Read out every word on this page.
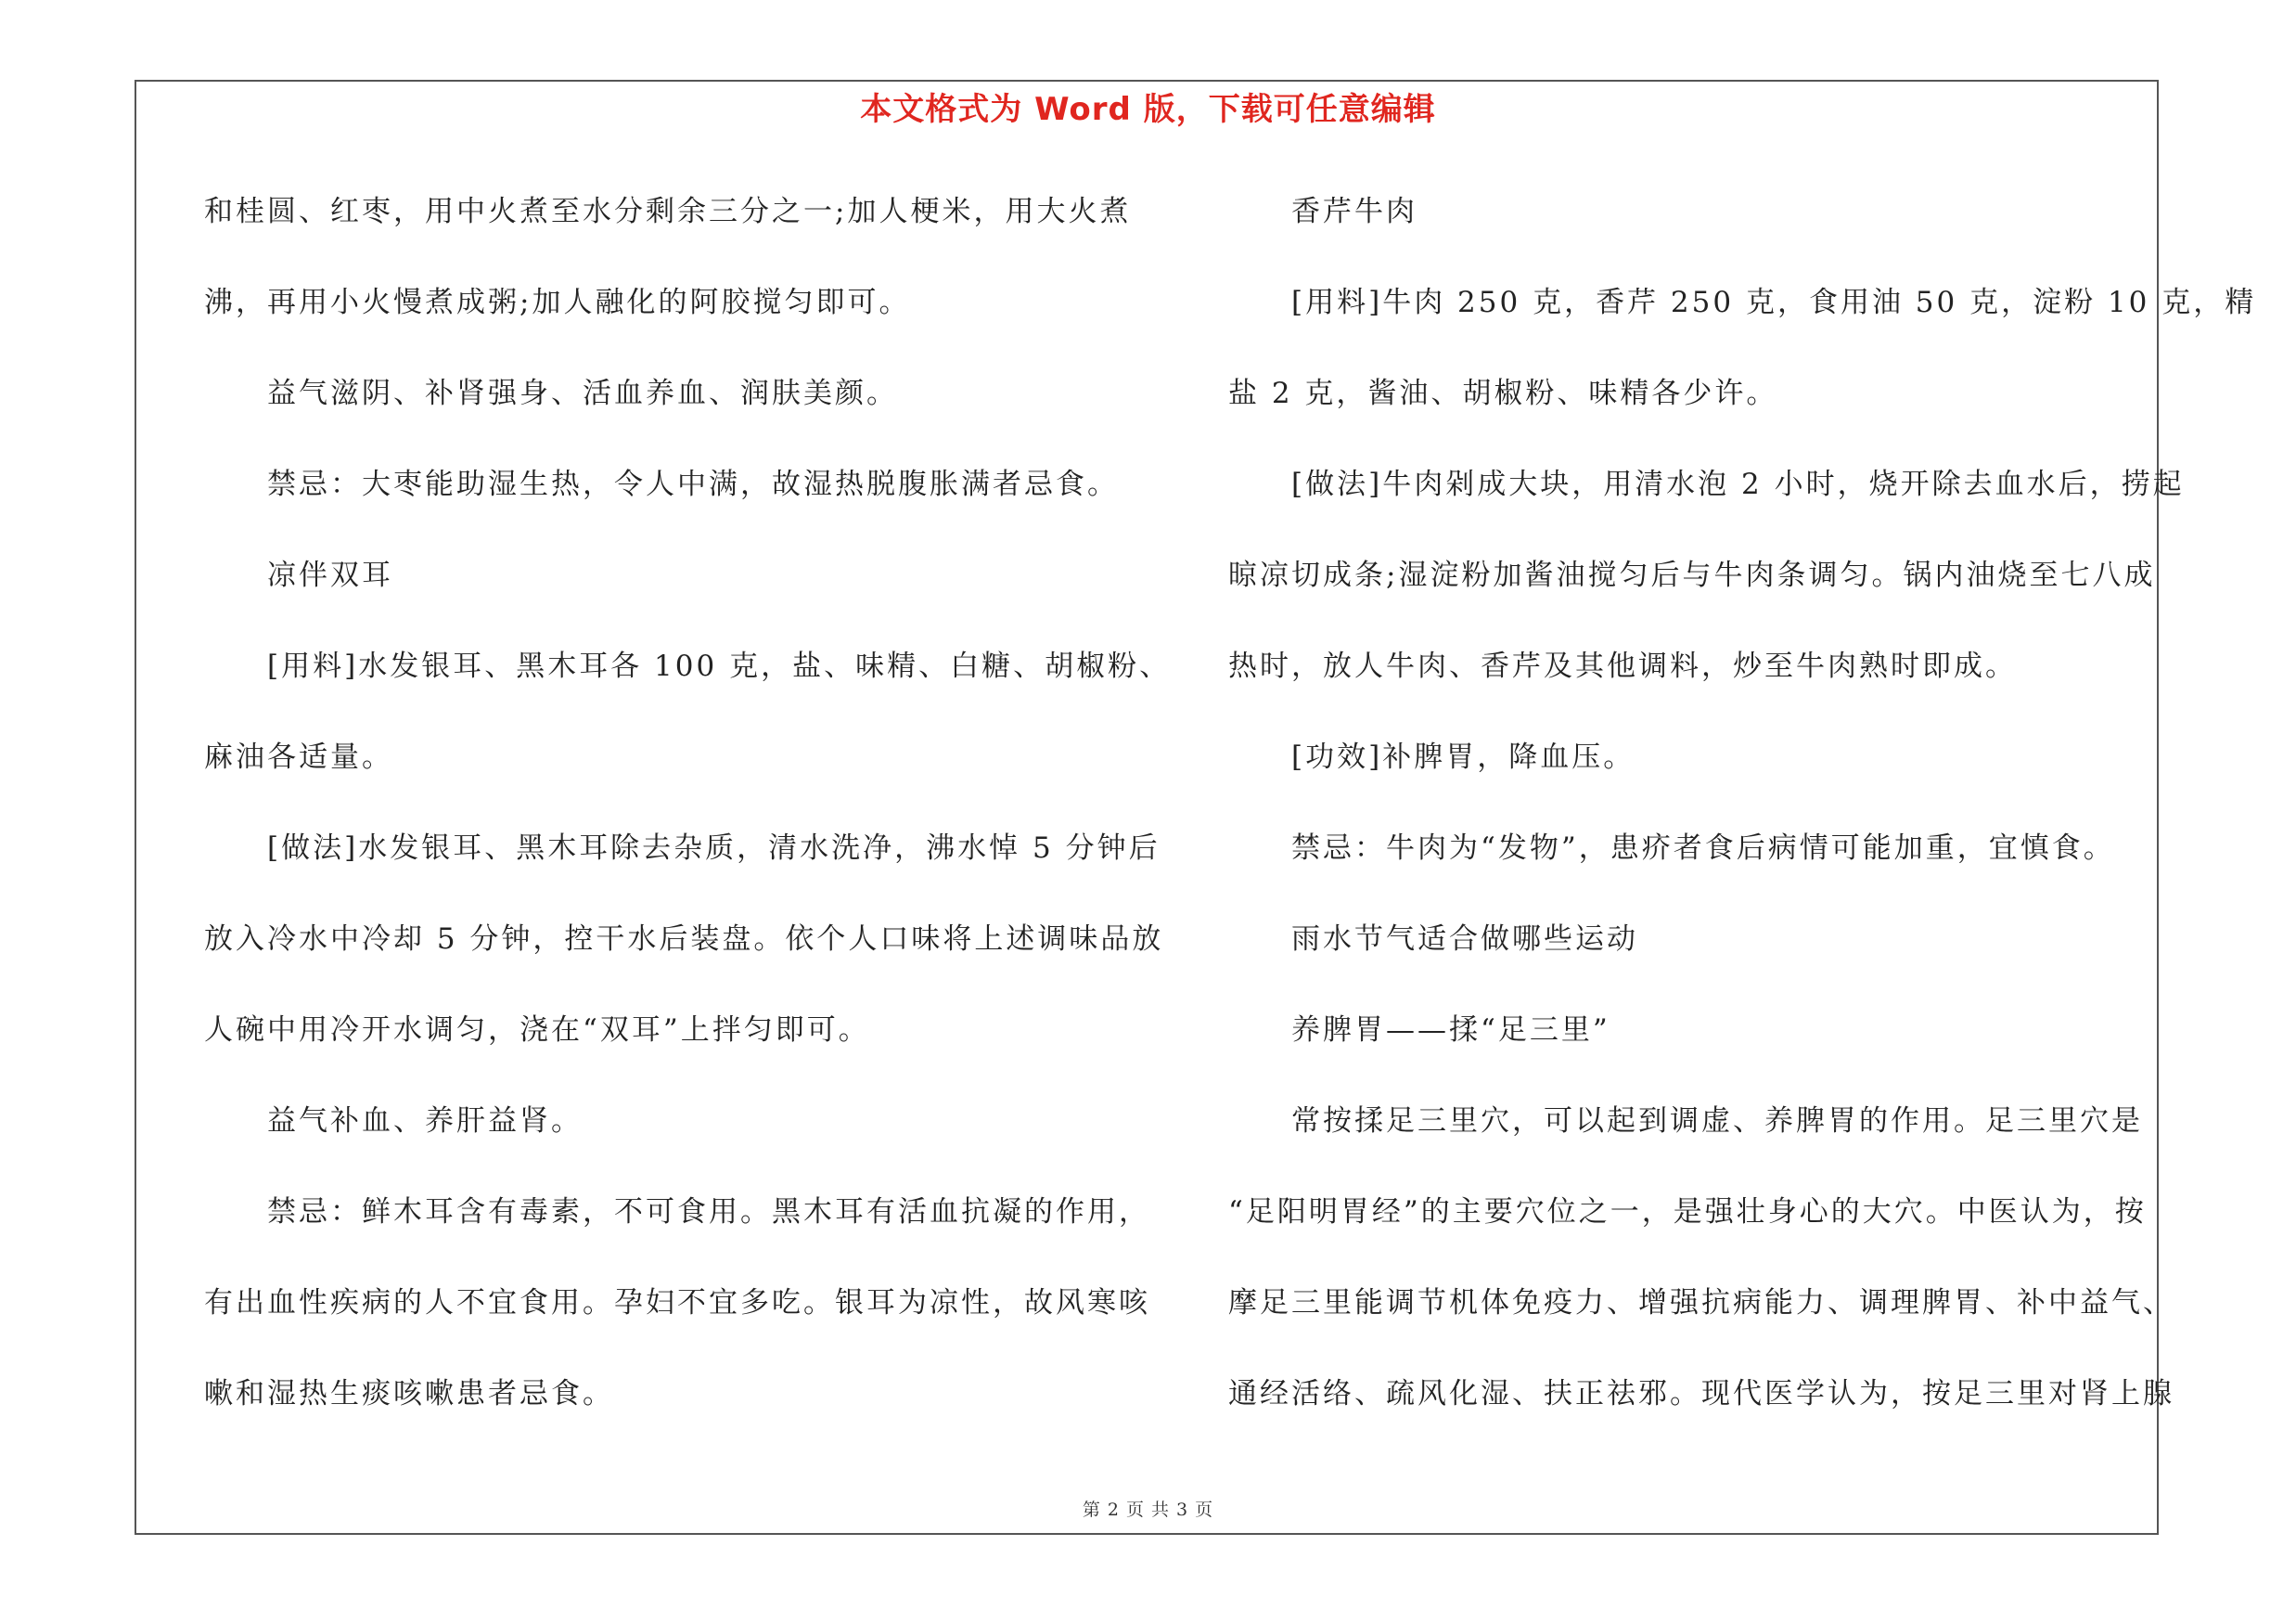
本文格式为 Word 版，下载可任意编辑
和桂圆、红枣，用中火煮至水分剩余三分之一;加人梗米，用大火煮
沸，再用小火慢煮成粥;加人融化的阿胶搅匀即可。
益气滋阴、补肾强身、活血养血、润肤美颜。
禁忌：大枣能助湿生热，令人中满，故湿热脱腹胀满者忌食。
凉伴双耳
[用料]水发银耳、黑木耳各 100 克，盐、味精、白糖、胡椒粉、
麻油各适量。
[做法]水发银耳、黑木耳除去杂质，清水洗净，沸水悼 5 分钟后
放入冷水中冷却 5 分钟，控干水后装盘。依个人口味将上述调味品放
人碗中用冷开水调匀，浇在“双耳”上拌匀即可。
益气补血、养肝益肾。
禁忌：鲜木耳含有毒素，不可食用。黑木耳有活血抗凝的作用，
有出血性疾病的人不宜食用。孕妇不宜多吃。银耳为凉性，故风寒咳
嗽和湿热生痰咳嗽患者忌食。
香芹牛肉
[用料]牛肉 250 克，香芹 250 克，食用油 50 克，淀粉 10 克，精
盐 2 克，酱油、胡椒粉、味精各少许。
[做法]牛肉剁成大块，用清水泡 2 小时，烧开除去血水后，捞起
晾凉切成条;湿淀粉加酱油搅匀后与牛肉条调匀。锅内油烧至七八成
热时，放人牛肉、香芹及其他调料，炒至牛肉熟时即成。
[功效]补脾胃，降血压。
禁忌：牛肉为“发物”，患疥者食后病情可能加重，宜慎食。
雨水节气适合做哪些运动
养脾胃——揉“足三里”
常按揉足三里穴，可以起到调虚、养脾胃的作用。足三里穴是
“足阳明胃经”的主要穴位之一，是强壮身心的大穴。中医认为，按
摩足三里能调节机体免疫力、增强抗病能力、调理脾胃、补中益气、
通经活络、疏风化湿、扶正祛邪。现代医学认为，按足三里对肾上腺
第 2 页 共 3 页
